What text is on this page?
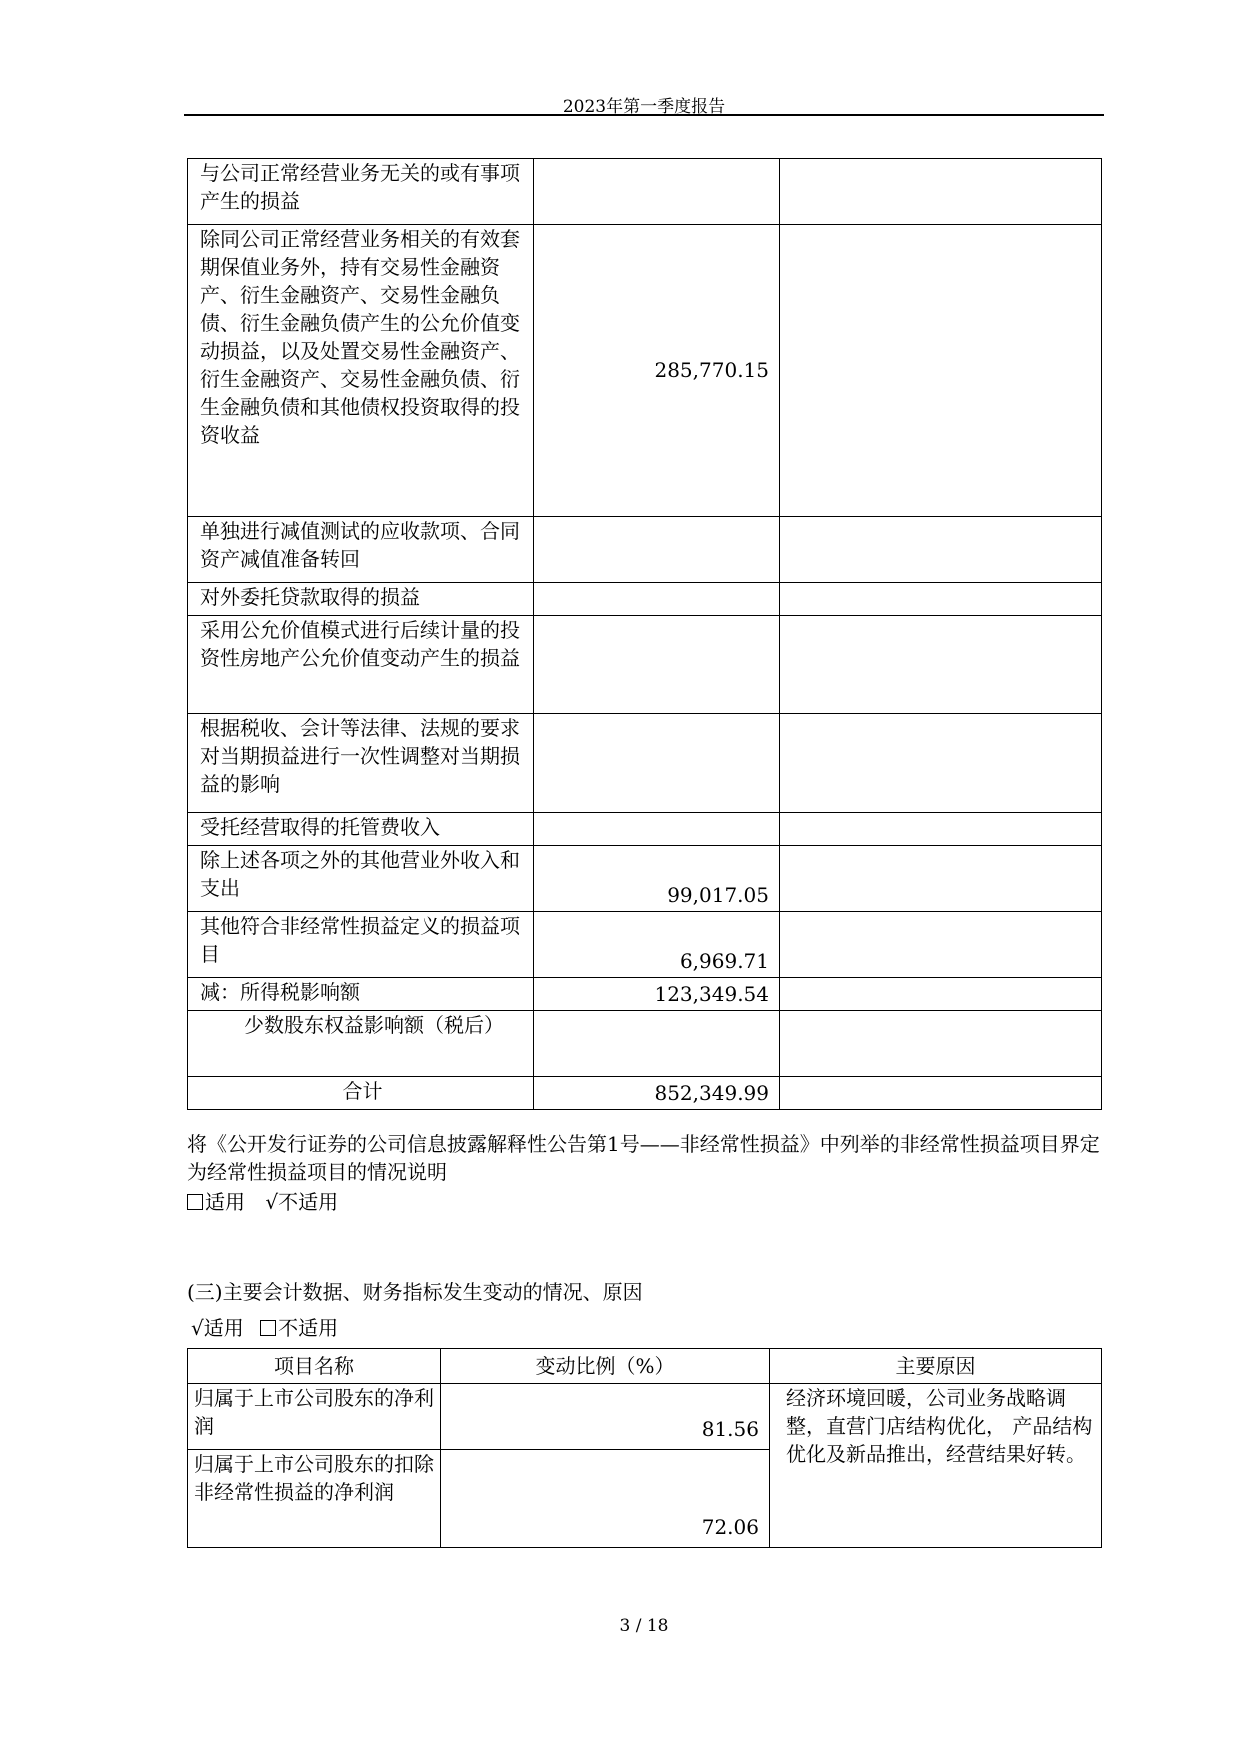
2023年第一季度报告
与公司正常经营业务无关的或有事项产生的损益		
除同公司正常经营业务相关的有效套期保值业务外，持有交易性金融资产、衍生金融资产、交易性金融负债、衍生金融负债产生的公允价值变动损益，以及处置交易性金融资产、衍生金融资产、交易性金融负债、衍生金融负债和其他债权投资取得的投资收益	285,770.15	
单独进行减值测试的应收款项、合同资产减值准备转回		
对外委托贷款取得的损益		
采用公允价值模式进行后续计量的投资性房地产公允价值变动产生的损益		
根据税收、会计等法律、法规的要求对当期损益进行一次性调整对当期损益的影响		
受托经营取得的托管费收入		
除上述各项之外的其他营业外收入和支出	99,017.05	
其他符合非经常性损益定义的损益项目	6,969.71	
减：所得税影响额	123,349.54	
少数股东权益影响额（税后）		
合计	852,349.99	
将《公开发行证券的公司信息披露解释性公告第1号——非经常性损益》中列举的非经常性损益项目界定为经常性损益项目的情况说明
适用 √不适用
(三)主要会计数据、财务指标发生变动的情况、原因
√适用 不适用
项目名称	变动比例（%）	主要原因
归属于上市公司股东的净利润	81.56	经济环境回暖，公司业务战略调整，直营门店结构优化， 产品结构优化及新品推出，经营结果好转。
归属于上市公司股东的扣除非经常性损益的净利润	72.06	
3 / 18
